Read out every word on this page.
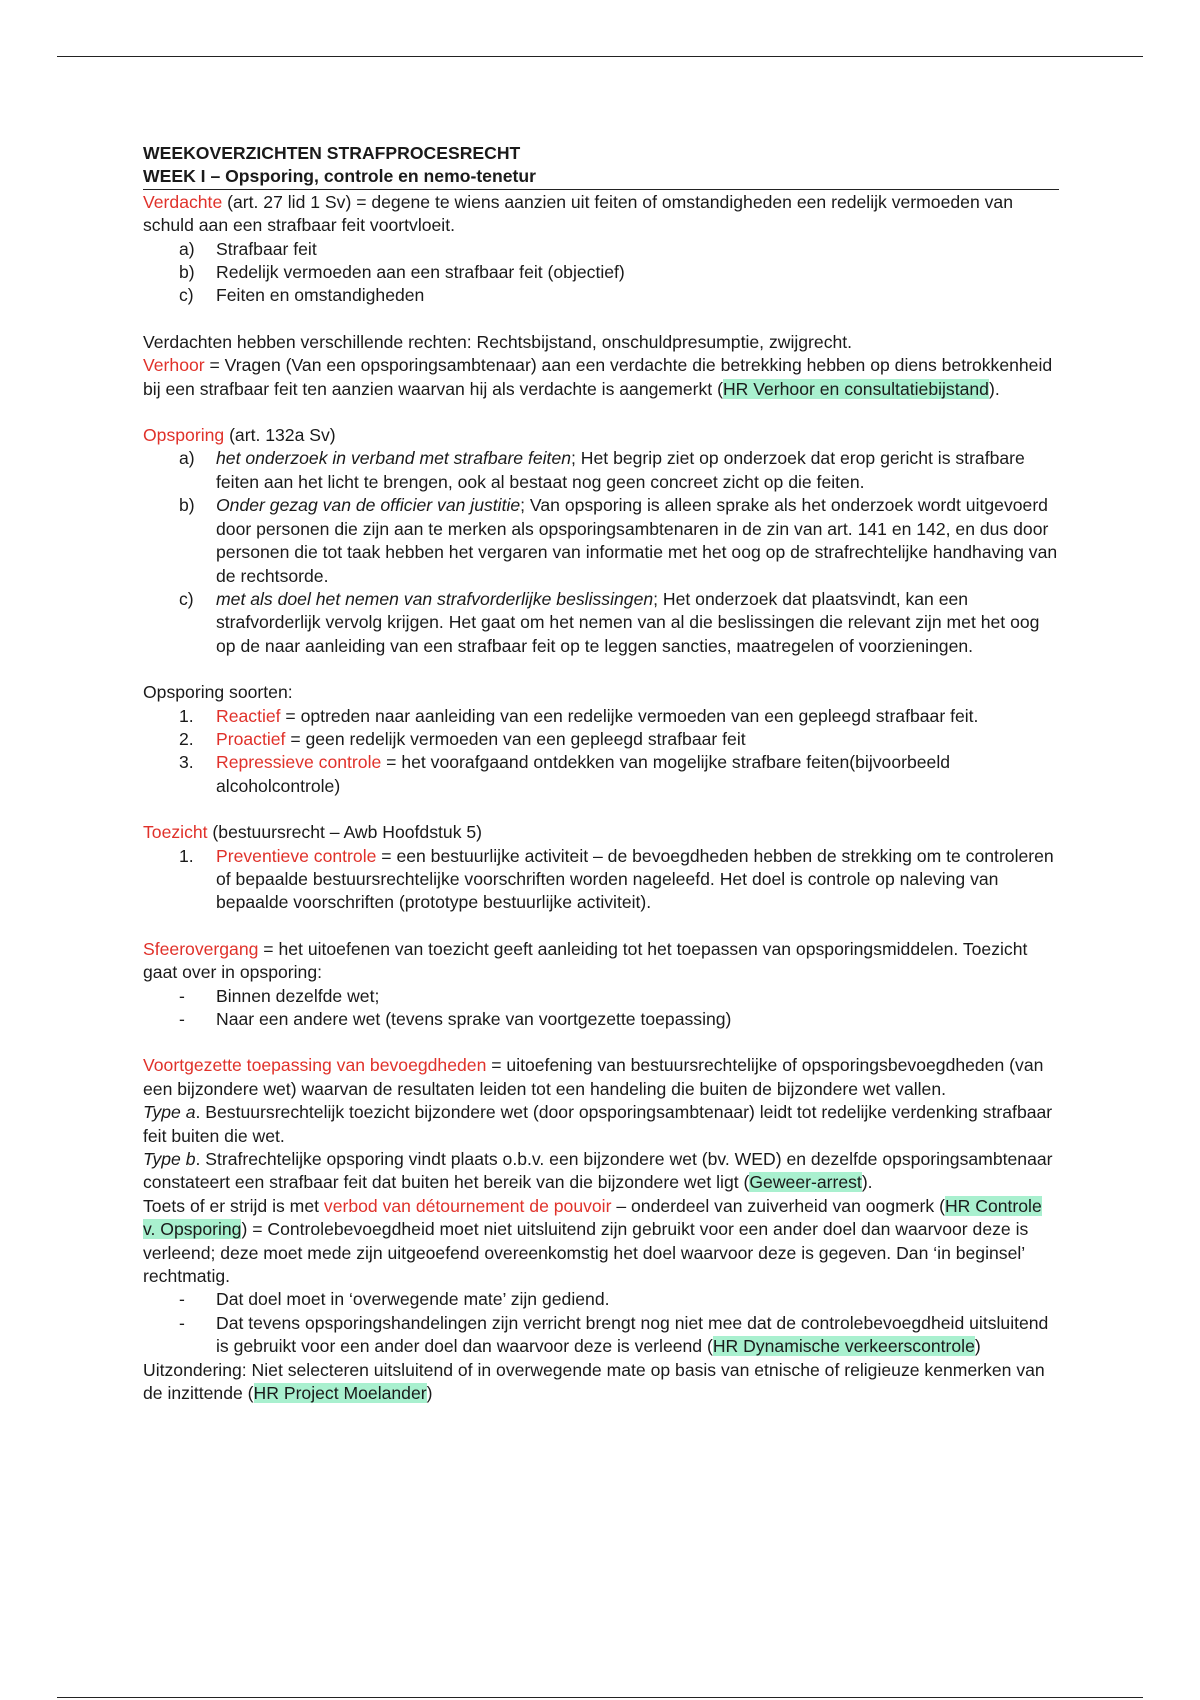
WEEKOVERZICHTEN STRAFPROCESRECHT
WEEK I – Opsporing, controle en nemo-tenetur

Verdachte (art. 27 lid 1 Sv) = degene te wiens aanzien uit feiten of omstandigheden een redelijk vermoeden van schuld aan een strafbaar feit voortvloeit.

a) Strafbaar feit
b) Redelijk vermoeden aan een strafbaar feit (objectief)
c) Feiten en omstandigheden

Verdachten hebben verschillende rechten: Rechtsbijstand, onschuldpresumptie, zwijgrecht.

Verhoor = Vragen (Van een opsporingsambtenaar) aan een verdachte die betrekking hebben op diens betrokkenheid bij een strafbaar feit ten aanzien waarvan hij als verdachte is aangemerkt (HR Verhoor en consultatiebijstand).

Opsporing (art. 132a Sv)

a) het onderzoek in verband met strafbare feiten; Het begrip ziet op onderzoek dat erop gericht is strafbare feiten aan het licht te brengen, ook al bestaat nog geen concreet zicht op die feiten.
b) Onder gezag van de officier van justitie; Van opsporing is alleen sprake als het onderzoek wordt uitgevoerd door personen die zijn aan te merken als opsporingsambtenaren in de zin van art. 141 en 142, en dus door personen die tot taak hebben het vergaren van informatie met het oog op de strafrechtelijke handhaving van de rechtsorde.
c) met als doel het nemen van strafvorderlijke beslissingen; Het onderzoek dat plaatsvindt, kan een strafvorderlijk vervolg krijgen. Het gaat om het nemen van al die beslissingen die relevant zijn met het oog op de naar aanleiding van een strafbaar feit op te leggen sancties, maatregelen of voorzieningen.

Opsporing soorten:

1. Reactief = optreden naar aanleiding van een redelijke vermoeden van een gepleegd strafbaar feit.
2. Proactief = geen redelijk vermoeden van een gepleegd strafbaar feit
3. Repressieve controle = het voorafgaand ontdekken van mogelijke strafbare feiten(bijvoorbeeld alcoholcontrole)

Toezicht (bestuursrecht – Awb Hoofdstuk 5)

1. Preventieve controle = een bestuurlijke activiteit – de bevoegdheden hebben de strekking om te controleren of bepaalde bestuursrechtelijke voorschriften worden nageleefd. Het doel is controle op naleving van bepaalde voorschriften (prototype bestuurlijke activiteit).

Sfeerovergang = het uitoefenen van toezicht geeft aanleiding tot het toepassen van opsporingsmiddelen. Toezicht gaat over in opsporing:

- Binnen dezelfde wet;
- Naar een andere wet (tevens sprake van voortgezette toepassing)

Voortgezette toepassing van bevoegdheden = uitoefening van bestuursrechtelijke of opsporingsbevoegdheden (van een bijzondere wet) waarvan de resultaten leiden tot een handeling die buiten de bijzondere wet vallen.

Type a. Bestuursrechtelijk toezicht bijzondere wet (door opsporingsambtenaar) leidt tot redelijke verdenking strafbaar feit buiten die wet.

Type b. Strafrechtelijke opsporing vindt plaats o.b.v. een bijzondere wet (bv. WED) en dezelfde opsporingsambtenaar constateert een strafbaar feit dat buiten het bereik van die bijzondere wet ligt (Geweer-arrest).

Toets of er strijd is met verbod van détournement de pouvoir – onderdeel van zuiverheid van oogmerk (HR Controle v. Opsporing) = Controlebevoegdheid moet niet uitsluitend zijn gebruikt voor een ander doel dan waarvoor deze is verleend; deze moet mede zijn uitgeoefend overeenkomstig het doel waarvoor deze is gegeven. Dan ‘in beginsel’ rechtmatig.

- Dat doel moet in ‘overwegende mate’ zijn gediend.
- Dat tevens opsporingshandelingen zijn verricht brengt nog niet mee dat de controlebevoegdheid uitsluitend is gebruikt voor een ander doel dan waarvoor deze is verleend (HR Dynamische verkeerscontrole)

Uitzondering: Niet selecteren uitsluitend of in overwegende mate op basis van etnische of religieuze kenmerken van de inzittende (HR Project Moelander)
